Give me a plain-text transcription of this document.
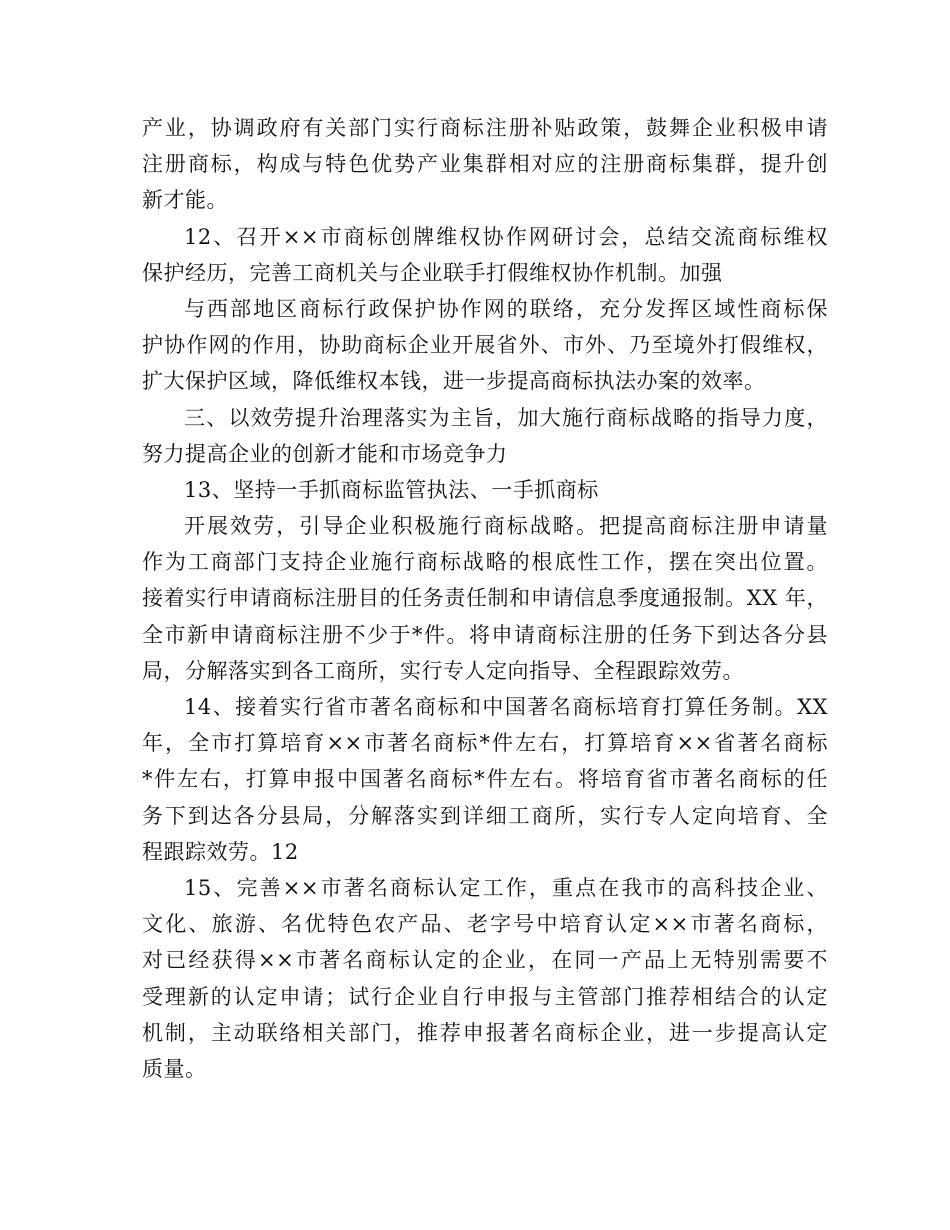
产业，协调政府有关部门实行商标注册补贴政策，鼓舞企业积极申请
注册商标，构成与特色优势产业集群相对应的注册商标集群，提升创
新才能。
12、召开××市商标创牌维权协作网研讨会，总结交流商标维权
保护经历，完善工商机关与企业联手打假维权协作机制。加强
与西部地区商标行政保护协作网的联络，充分发挥区域性商标保
护协作网的作用，协助商标企业开展省外、市外、乃至境外打假维权，
扩大保护区域，降低维权本钱，进一步提高商标执法办案的效率。
三、以效劳提升治理落实为主旨，加大施行商标战略的指导力度，
努力提高企业的创新才能和市场竞争力
13、坚持一手抓商标监管执法、一手抓商标
开展效劳，引导企业积极施行商标战略。把提高商标注册申请量
作为工商部门支持企业施行商标战略的根底性工作，摆在突出位置。
接着实行申请商标注册目的任务责任制和申请信息季度通报制。XX 年，
全市新申请商标注册不少于*件。将申请商标注册的任务下到达各分县
局，分解落实到各工商所，实行专人定向指导、全程跟踪效劳。
14、接着实行省市著名商标和中国著名商标培育打算任务制。XX
年，全市打算培育××市著名商标*件左右，打算培育××省著名商标
*件左右，打算申报中国著名商标*件左右。将培育省市著名商标的任
务下到达各分县局，分解落实到详细工商所，实行专人定向培育、全
程跟踪效劳。12
15、完善××市著名商标认定工作，重点在我市的高科技企业、
文化、旅游、名优特色农产品、老字号中培育认定××市著名商标，
对已经获得××市著名商标认定的企业，在同一产品上无特别需要不
受理新的认定申请；试行企业自行申报与主管部门推荐相结合的认定
机制，主动联络相关部门，推荐申报著名商标企业，进一步提高认定
质量。
